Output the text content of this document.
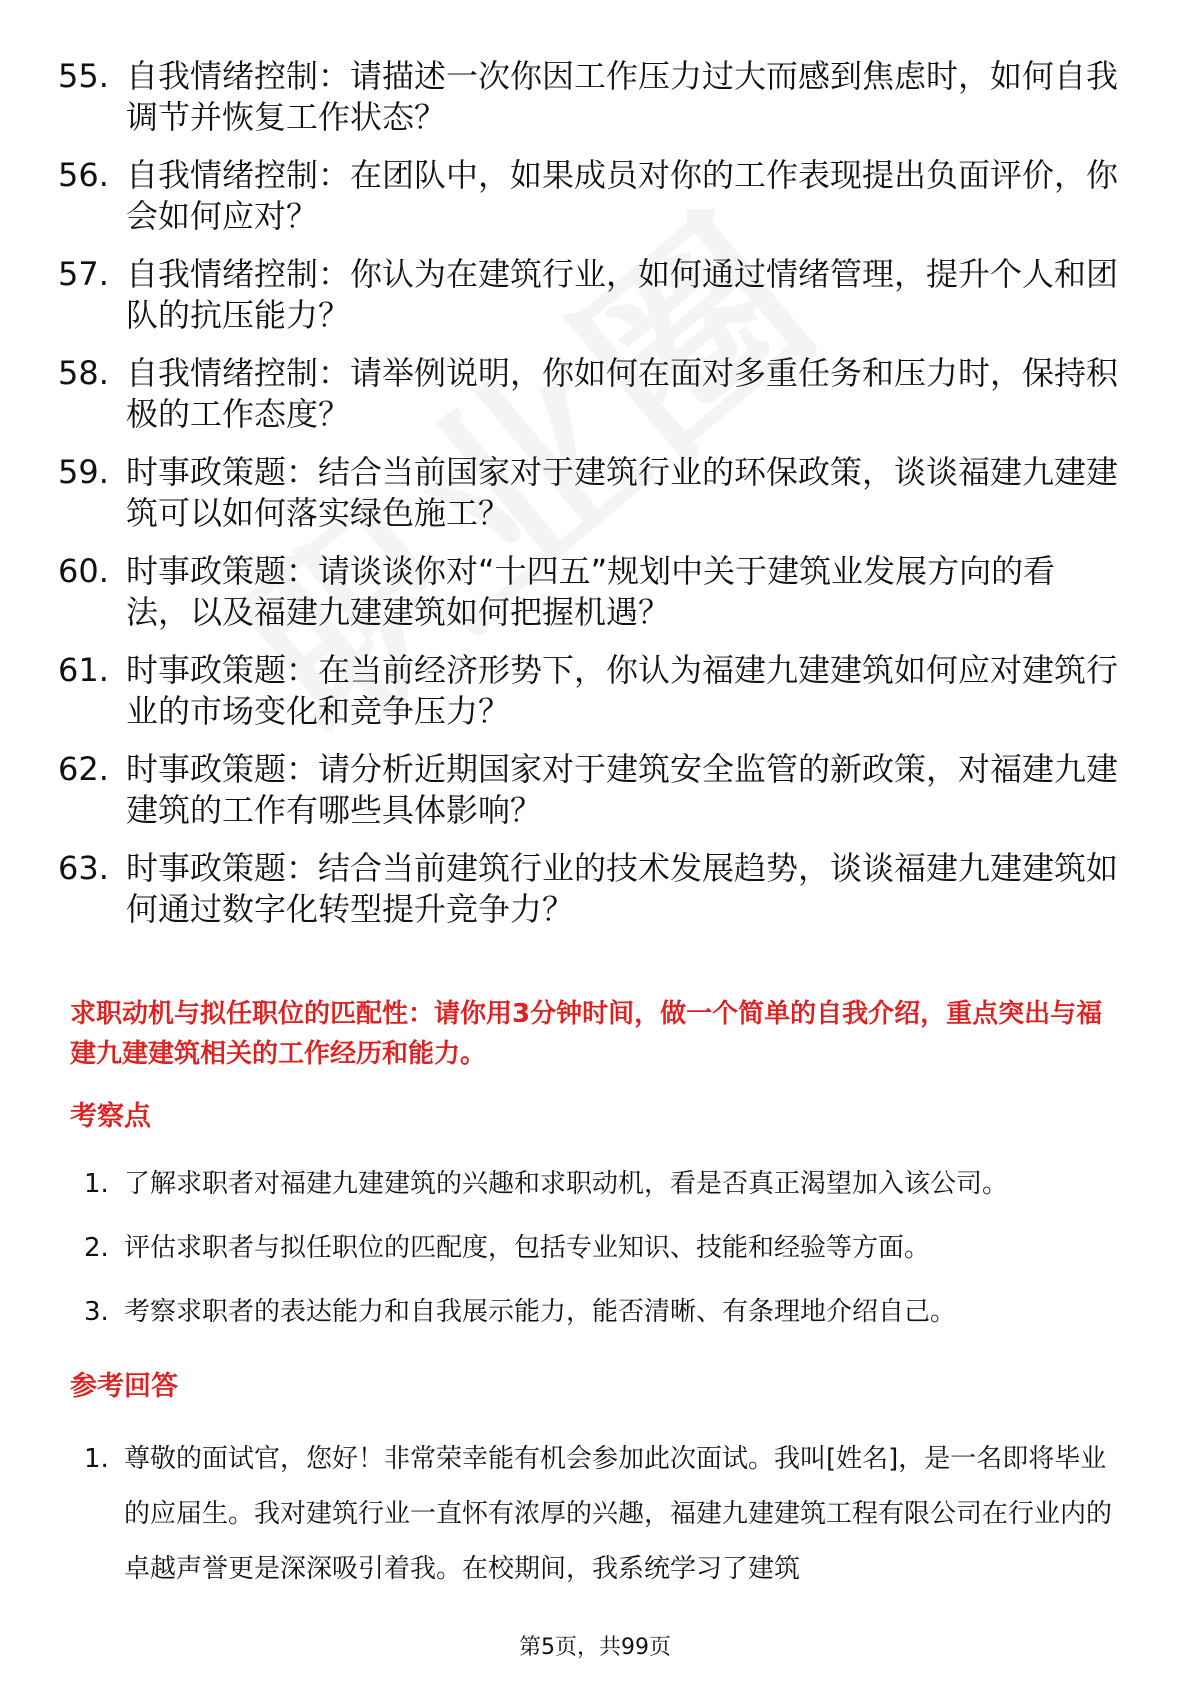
55. 自我情绪控制：请描述一次你因工作压力过大而感到焦虑时，如何自我调节并恢复工作状态？
56. 自我情绪控制：在团队中，如果成员对你的工作表现提出负面评价，你会如何应对？
57. 自我情绪控制：你认为在建筑行业，如何通过情绪管理，提升个人和团队的抗压能力？
58. 自我情绪控制：请举例说明，你如何在面对多重任务和压力时，保持积极的工作态度？
59. 时事政策题：结合当前国家对于建筑行业的环保政策，谈谈福建九建建筑可以如何落实绿色施工？
60. 时事政策题：请谈谈你对“十四五”规划中关于建筑业发展方向的看法，以及福建九建建筑如何把握机遇？
61. 时事政策题：在当前经济形势下，你认为福建九建建筑如何应对建筑行业的市场变化和竞争压力？
62. 时事政策题：请分析近期国家对于建筑安全监管的新政策，对福建九建建筑的工作有哪些具体影响？
63. 时事政策题：结合当前建筑行业的技术发展趋势，谈谈福建九建建筑如何通过数字化转型提升竞争力？
求职动机与拟任职位的匹配性：请你用3分钟时间，做一个简单的自我介绍，重点突出与福建九建建筑相关的工作经历和能力。
考察点
1. 了解求职者对福建九建建筑的兴趣和求职动机，看是否真正渴望加入该公司。
2. 评估求职者与拟任职位的匹配度，包括专业知识、技能和经验等方面。
3. 考察求职者的表达能力和自我展示能力，能否清晰、有条理地介绍自己。
参考回答
1. 尊敬的面试官，您好！非常荣幸能有机会参加此次面试。我叫[姓名]，是一名即将毕业的应届生。我对建筑行业一直怀有浓厚的兴趣，福建九建建筑工程有限公司在行业内的卓越声誉更是深深吸引着我。在校期间，我系统学习了建筑
第5页，共99页
